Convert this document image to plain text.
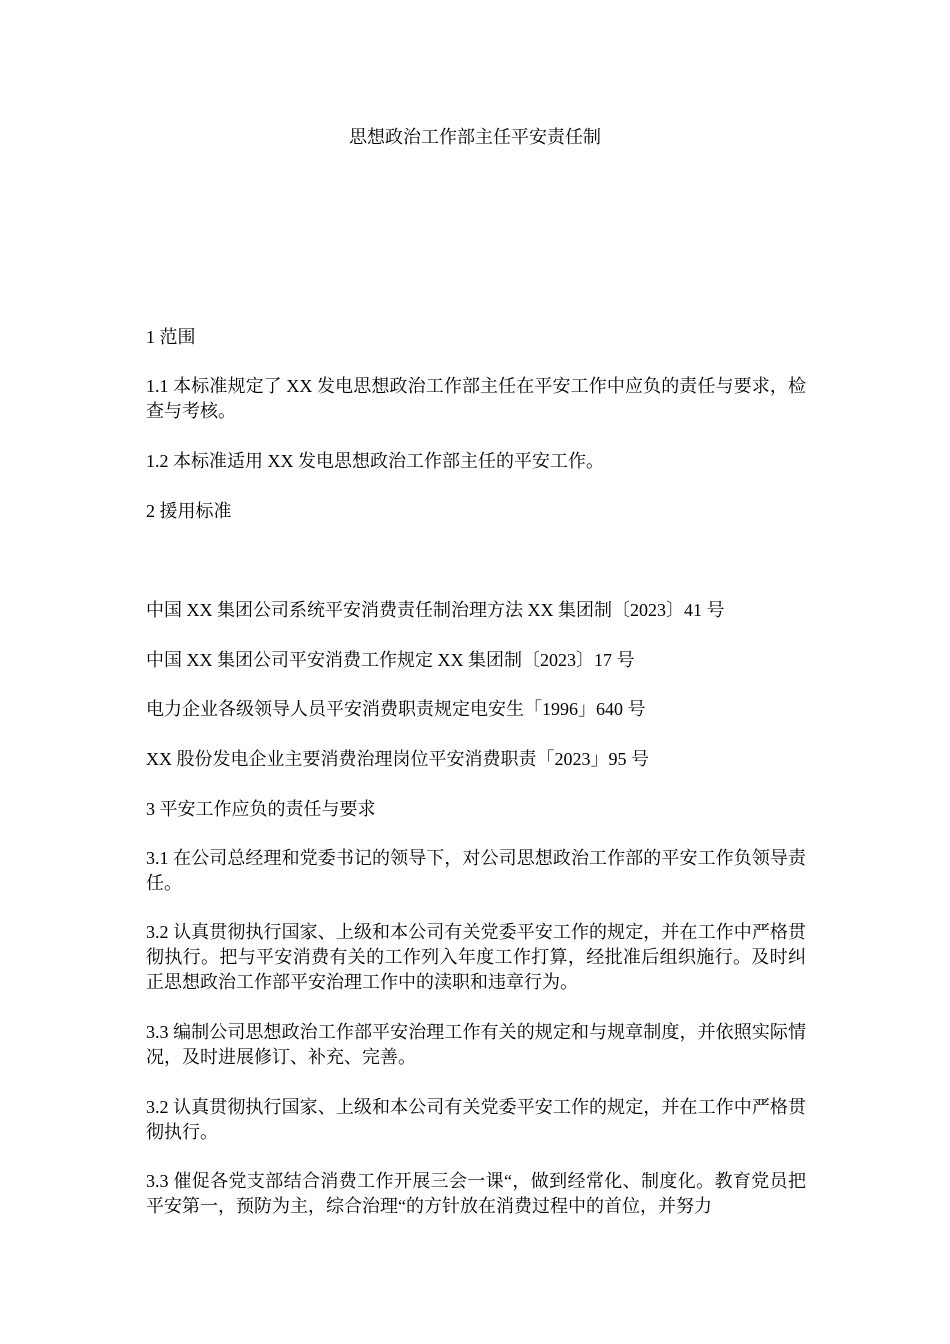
思想政治工作部主任平安责任制

1 范围

1.1 本标准规定了 XX 发电思想政治工作部主任在平安工作中应负的责任与要求，检查与考核。

1.2 本标准适用 XX 发电思想政治工作部主任的平安工作。

2 援用标准

中国 XX 集团公司系统平安消费责任制治理方法 XX 集团制〔2023〕41 号

中国 XX 集团公司平安消费工作规定 XX 集团制〔2023〕17 号

电力企业各级领导人员平安消费职责规定电安生「1996」640 号

XX 股份发电企业主要消费治理岗位平安消费职责「2023」95 号

3 平安工作应负的责任与要求

3.1 在公司总经理和党委书记的领导下，对公司思想政治工作部的平安工作负领导责任。

3.2 认真贯彻执行国家、上级和本公司有关党委平安工作的规定，并在工作中严格贯彻执行。把与平安消费有关的工作列入年度工作打算，经批准后组织施行。及时纠正思想政治工作部平安治理工作中的渎职和违章行为。

3.3 编制公司思想政治工作部平安治理工作有关的规定和与规章制度，并依照实际情况，及时进展修订、补充、完善。

3.2 认真贯彻执行国家、上级和本公司有关党委平安工作的规定，并在工作中严格贯彻执行。

3.3 催促各党支部结合消费工作开展三会一课“，做到经常化、制度化。教育党员把平安第一，预防为主，综合治理“的方针放在消费过程中的首位，并努力
